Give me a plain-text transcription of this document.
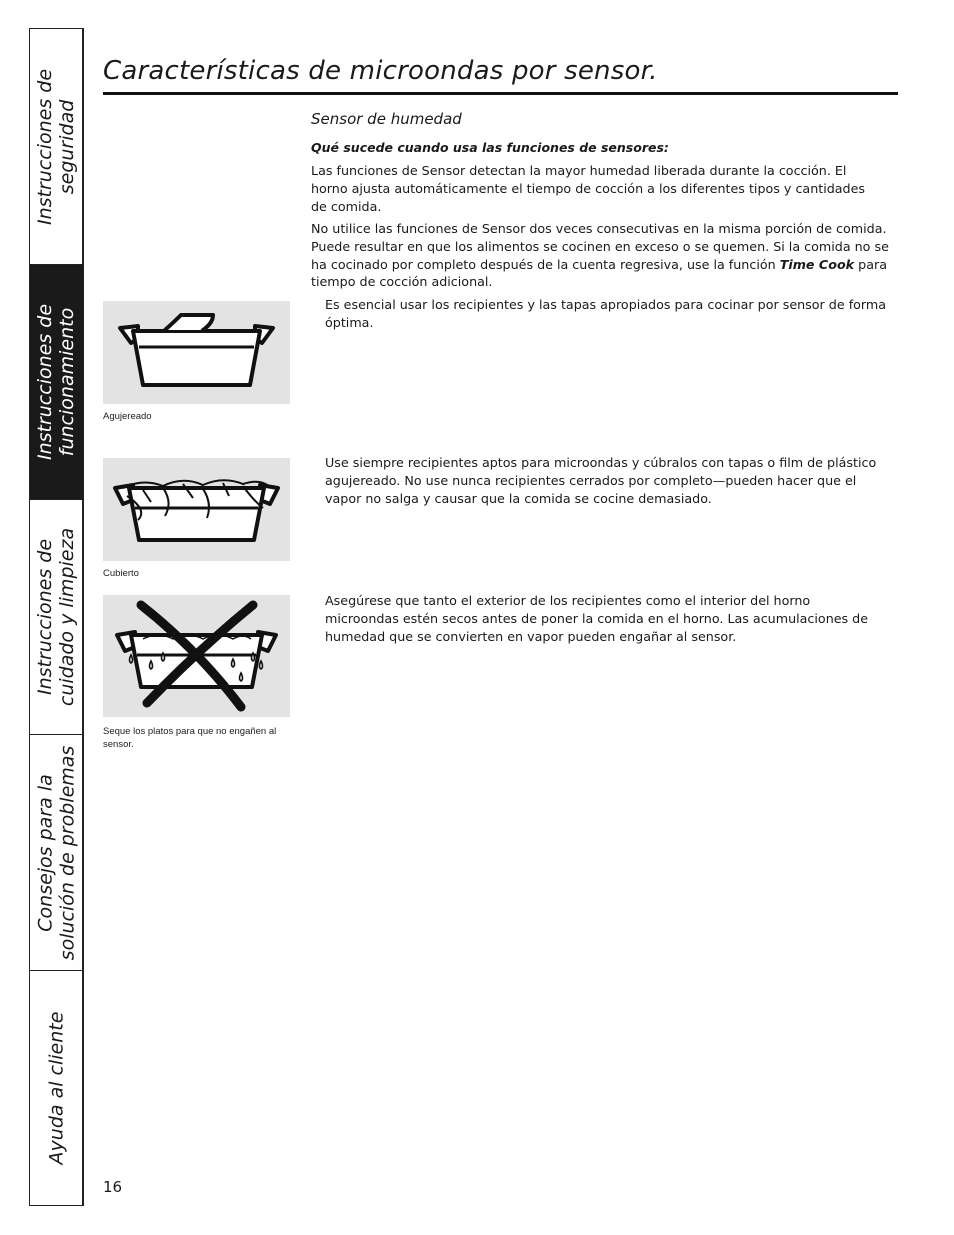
Instrucciones de seguridad
Instrucciones de funcionamiento
Instrucciones de cuidado y limpieza
Consejos para la solución de problemas
Ayuda al cliente
Características de microondas por sensor.
Sensor de humedad
Qué sucede cuando usa las funciones de sensores:

Las funciones de Sensor detectan la mayor humedad liberada durante la cocción. El horno ajusta automáticamente el tiempo de cocción a los diferentes tipos y cantidades de comida.

No utilice las funciones de Sensor dos veces consecutivas en la misma porción de comida. Puede resultar en que los alimentos se cocinen en exceso o se quemen. Si la comida no se ha cocinado por completo después de la cuenta regresiva, use la función Time Cook para tiempo de cocción adicional.

Es esencial usar los recipientes y las tapas apropiados para cocinar por sensor de forma óptima.

Use siempre recipientes aptos para microondas y cúbralos con tapas o film de plástico agujereado. No use nunca recipientes cerrados por completo—pueden hacer que el vapor no salga y causar que la comida se cocine demasiado.

Asegúrese que tanto el exterior de los recipientes como el interior del horno microondas estén secos antes de poner la comida en el horno. Las acumulaciones de humedad que se convierten en vapor pueden engañar al sensor.

Agujereado
Cubierto
Seque los platos para que no engañen al sensor.
16
